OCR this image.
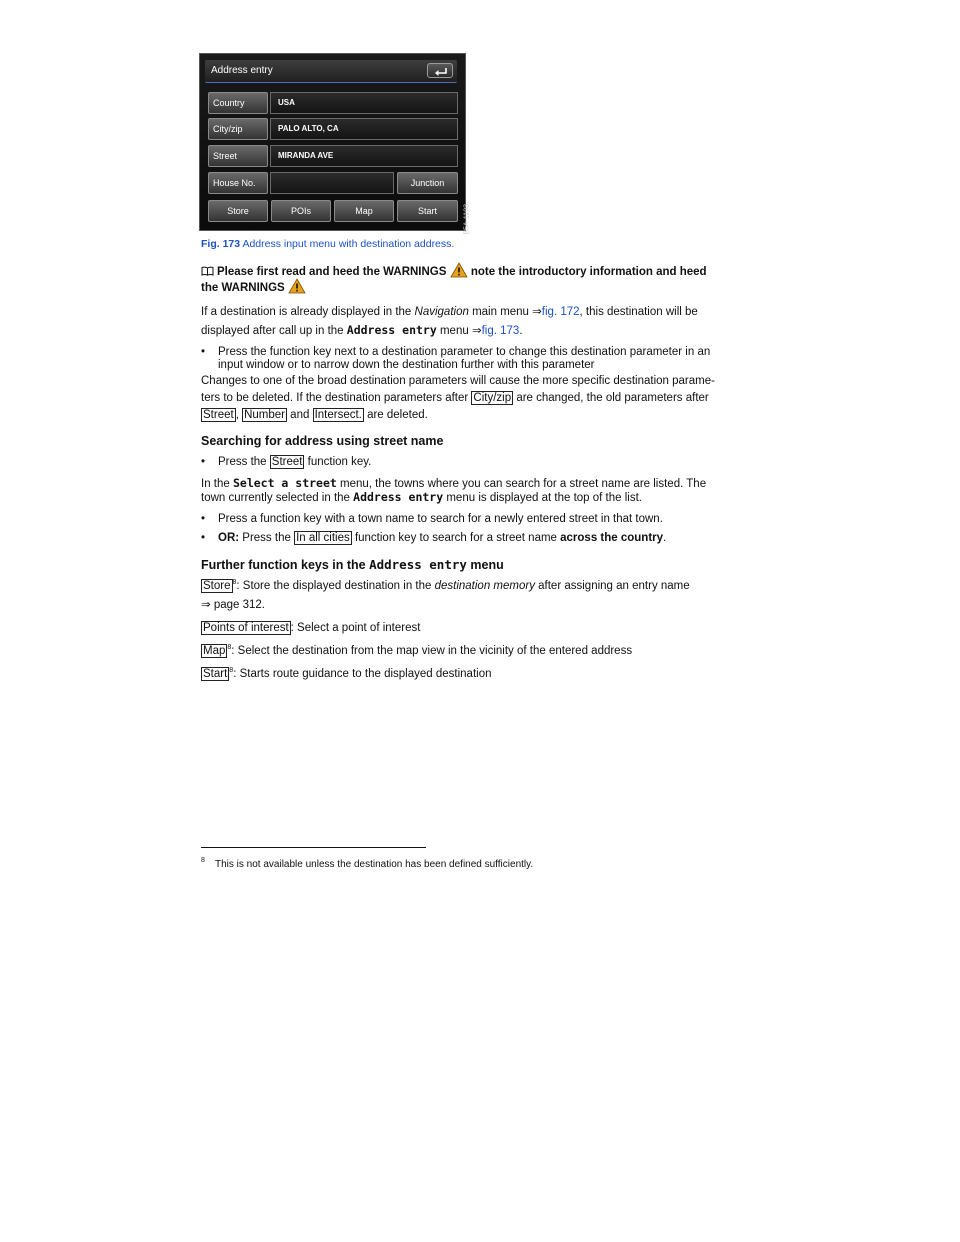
Address entry
Country	USA
City/zip	PALO ALTO, CA
Street	MIRANDA AVE
House No.	Junction
Store	POIs	Map	Start	B5A-1103
Fig. 173 Address input menu with destination address.
Please first read and heed the WARNINGS note the introductory information and heed
the WARNINGS
If a destination is already displayed in the Navigation main menu ⇒fig. 172, this destination will be
displayed after call up in the Address entry menu ⇒fig. 173.
• Press the function key next to a destination parameter to change this destination parameter in an
input window or to narrow down the destination further with this parameter
Changes to one of the broad destination parameters will cause the more specific destination parame-
ters to be deleted. If the destination parameters after City/zip are changed, the old parameters after
Street , Number and Intersect. are deleted.
Searching for address using street name
• Press the Street function key.
In the Select a street menu, the towns where you can search for a street name are listed. The
town currently selected in the Address entry menu is displayed at the top of the list.
• Press a function key with a town name to search for a newly entered street in that town.
• OR: Press the In all cities function key to search for a street name across the country.
Further function keys in the Address entry menu
Store $^8$: Store the displayed destination in the destination memory after assigning an entry name
⇒ page 312.
Points of interest : Select a point of interest
Map $^8$: Select the destination from the map view in the vicinity of the entered address
Start $^8$: Starts route guidance to the displayed destination
8 This is not available unless the destination has been defined sufficiently.
